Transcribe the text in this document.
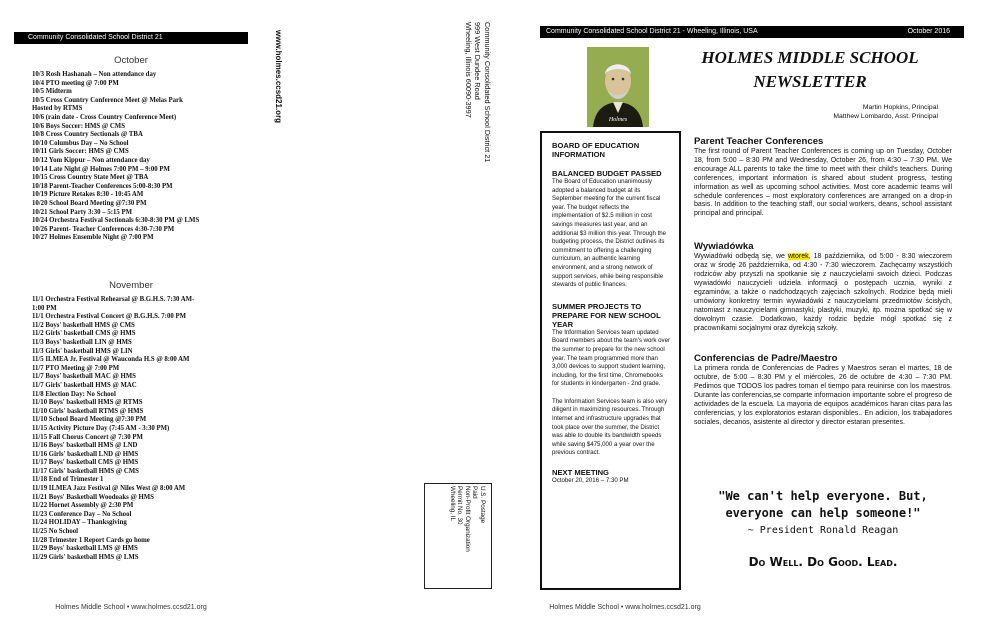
Community Consolidated School District 21
October
10/3 Rosh Hashanah – Non attendance day
10/4 PTO meeting @ 7:00 PM
10/5 Midterm
10/5 Cross Country Conference Meet @ Melas Park
Hosted by RTMS
10/6 (rain date - Cross Country Conference Meet)
10/6 Boys Soccer: HMS @ CMS
10/8 Cross Country Sectionals @ TBA
10/10 Columbus Day – No School
10/11 Girls Soccer: HMS @ CMS
10/12 Yom Kippur – Non attendance day
10/14 Late Night @ Holmes 7:00 PM – 9:00 PM
10/15 Cross Country State Meet @ TBA
10/18 Parent-Teacher Conferences 5:00-8:30 PM
10/19 Picture Retakes 8:30 - 10:45 AM
10/20 School Board Meeting @7:30 PM
10/21 School Party 3:30 – 5:15 PM
10/24 Orchestra Festival Sectionals 6:30-8:30 PM @ LMS
10/26 Parent- Teacher Conferences 4:30-7:30 PM
10/27 Holmes Ensemble Night @ 7:00 PM
November
11/1 Orchestra Festival Rehearsal @ B.G.H.S. 7:30 AM-
1:00 PM
11/1 Orchestra Festival Concert @ B.G.H.S. 7:00 PM
11/2 Boys' basketball HMS @ CMS
11/2 Girls' basketball CMS @ HMS
11/3 Boys' basketball LIN @ HMS
11/3 Girls' basketball HMS @ LIN
11/5 ILMEA Jr. Festival @ Wauconda H.S @ 8:00 AM
11/7 PTO Meeting @ 7:00 PM
11/7 Boys' basketball MAC @ HMS
11/7 Girls' basketball HMS @ MAC
11/8 Election Day: No School
11/10 Boys' basketball HMS @ RTMS
11/10 Girls' basketball RTMS @ HMS
11/10 School Board Meeting @7:30 PM
11/15 Activity Picture Day (7:45 AM - 3:30 PM)
11/15 Fall Chorus Concert @ 7:30 PM
11/16 Boys' basketball HMS @ LND
11/16 Girls' basketball LND @ HMS
11/17 Boys' basketball CMS @ HMS
11/17 Girls' basketball HMS @ CMS
11/18 End of Trimester 1
11/19 ILMEA Jazz Festival @ Niles West @ 8:00 AM
11/21 Boys' Basketball Woodoaks @ HMS
11/22 Hornet Assembly @ 2:30 PM
11/23 Conference Day – No School
11/24 HOLIDAY – Thanksgiving
11/25 No School
11/28 Trimester 1 Report Cards go home
11/29 Boys' basketball LMS @ HMS
11/29 Girls' basketball HMS @ LMS
Holmes Middle School • www.holmes.ccsd21.org
www.holmes.ccsd21.org	Community Consolidated School District 21
999 West Dundee Road
Wheeling, Illinois 60090-3997
U.S. Postage
Paid
Non-Profit Organization
Permit No. 30
Wheeling, IL
Community Consolidated School District 21 - Wheeling, Illinois, USA	October 2016
Holmes
HOLMES MIDDLE SCHOOL
NEWSLETTER
Martin Hopkins, Principal
Matthew Lombardo, Asst. Principal
BOARD OF EDUCATION INFORMATION
BALANCED BUDGET PASSED
The Board of Education unanimously adopted a balanced budget at its September meeting for the current fiscal year. The budget reflects the implementation of $2.5 million in cost savings measures last year, and an additional $3 million this year. Through the budgeting process, the District outlines its commitment to offering a challenging curriculum, an authentic learning environment, and a strong network of support services, while being responsible stewards of public finances.
SUMMER PROJECTS TO PREPARE FOR NEW SCHOOL YEAR
The Information Services team updated Board members about the team's work over the summer to prepare for the new school year. The team programmed more than 3,000 devices to support student learning, including, for the first time, Chromebooks for students in kindergarten - 2nd grade.
The Information Services team is also very diligent in maximizing resources. Through Internet and infrastructure upgrades that took place over the summer, the District was able to double its bandwidth speeds while saving $475,000 a year over the previous contract.
NEXT MEETING
October 20, 2016 – 7:30 PM
Parent Teacher Conferences
The first round of Parent Teacher Conferences is coming up on Tuesday, October 18, from 5:00 – 8:30 PM and Wednesday, October 26, from 4:30 – 7:30 PM. We encourage ALL parents to take the time to meet with their child's teachers. During conferences, important information is shared about student progress, testing information as well as upcoming school activities. Most core academic teams will schedule conferences – most exploratory conferences are arranged on a drop-in basis. In addition to the teaching staff, our social workers, deans, school assistant principal and principal.
Wywiadówka
Wywiadówki odbędą się, we wtorek, 18 października, od 5:00 - 8:30 wieczorem oraz w środę 26 października, od 4:30 - 7:30 wieczorem. Zachęcamy wszystkich rodziców aby przyszli na spotkanie się z nauczycielami swoich dzieci. Podczas wywiadówki nauczycieli udziela informacji o postępach ucznia, wyniki z egzaminów, a także o nadchodzących zajęciach szkolnych. Rodzice będą mieli umówiony konkretny termin wywiadówki z nauczycielami przedmiotów ścisłych, natomiast z nauczycielami gimnastyki, plastyki, muzyki, itp. można spotkać się w dowolnym czasie. Dodatkowo, każdy rodzic będzie mógł spotkać się z pracownikami socjalnymi oraz dyrekcją szkoły.
Conferencias de Padre/Maestro
La primera ronda de Conferencias de Padres y Maestros seran el martes, 18 de octubre, de 5:00 – 8:30 PM y el miércoles, 26 de octubre de 4:30 – 7:30 PM. Pedimos que TODOS los padres toman el tiempo para reuinirse con los maestros. Durante las conferencias,se comparte informacion importante sobre el progreso de actividades de la escuela. La mayoria de equipos académicos haran citas para las conferencias, y los exploratorios estaran disponibles.. En adicion, los trabajadores sociales, decanos, asistente al director y director estaran presentes.
"We can't help everyone. But,
everyone can help someone!"
~ President Ronald Reagan
Do Well. Do Good. Lead.
Holmes Middle School • www.holmes.ccsd21.org
